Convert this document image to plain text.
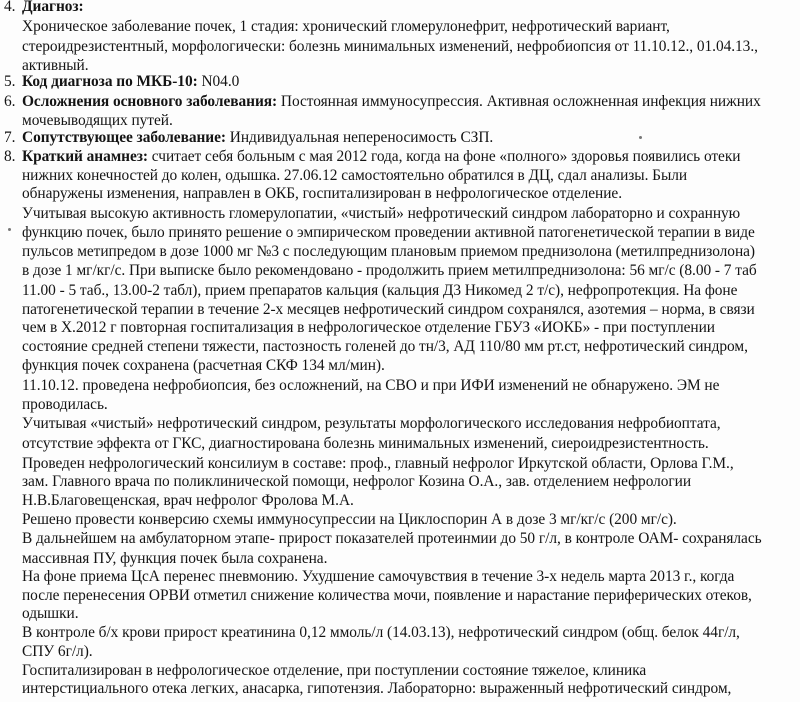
4. Диагноз:
Хроническое заболевание почек, 1 стадия: хронический гломерулонефрит, нефротический вариант,
стероидрезистентный, морфологически: болезнь минимальных изменений, нефробиопсия от 11.10.12., 01.04.13.,
активный.
5. Код диагноза по МКБ-10: N04.0
6. Осложнения основного заболевания: Постоянная иммуносупрессия. Активная осложненная инфекция нижних
мочевыводящих путей.
7. Сопутствующее заболевание: Индивидуальная непереносимость СЗП.
8. Краткий анамнез: считает себя больным с мая 2012 года, когда на фоне «полного» здоровья появились отеки
нижних конечностей до колен, одышка. 27.06.12 самостоятельно обратился в ДЦ, сдал анализы. Были
обнаружены изменения, направлен в ОКБ, госпитализирован в нефрологическое отделение.
Учитывая высокую активность гломерулопатии, «чистый» нефротический синдром лабораторно и сохранную
функцию почек, было принято решение о эмпирическом проведении активной патогенетической терапии в виде
пульсов метипредом в дозе 1000 мг №3 с последующим плановым приемом преднизолона (метилпреднизолона)
в дозе 1 мг/кг/с. При выписке было рекомендовано - продолжить прием метилпреднизолона: 56 мг/с (8.00 - 7 таб
11.00 - 5 таб., 13.00-2 табл), прием препаратов кальция (кальция Д3 Никомед 2 т/с), нефропротекция. На фоне
патогенетической терапии в течение 2-х месяцев нефротический синдром сохранялся, азотемия – норма, в связи
чем в Х.2012 г повторная госпитализация в нефрологическое отделение ГБУЗ «ИОКБ» - при поступлении
состояние средней степени тяжести, пастозность голеней до тн/3, АД 110/80 мм рт.ст, нефротический синдром,
функция почек сохранена (расчетная СКФ 134 мл/мин).
11.10.12. проведена нефробиопсия, без осложнений, на СВО и при ИФИ изменений не обнаружено. ЭМ не
проводилась.
Учитывая «чистый» нефротический синдром, результаты морфологического исследования нефробиоптата,
отсутствие эффекта от ГКС, диагностирована болезнь минимальных изменений, сиероидрезистентность.
Проведен нефрологический консилиум в составе: проф., главный нефролог Иркутской области, Орлова Г.М.,
зам. Главного врача по поликлинической помощи, нефролог Козина О.А., зав. отделением нефрологии
Н.В.Благовещенская, врач нефролог Фролова М.А.
Решено провести конверсию схемы иммуносупрессии на Циклоспорин А в дозе 3 мг/кг/с (200 мг/с).
В дальнейшем на амбулаторном этапе- прирост показателей протеинмии до 50 г/л, в контроле ОАМ- сохранялась
массивная ПУ, функция почек была сохранена.
На фоне приема ЦсА перенес пневмонию. Ухудшение самочувствия в течение 3-х недель марта 2013 г., когда
после перенесения ОРВИ отметил снижение количества мочи, появление и нарастание периферических отеков,
одышки.
В контроле б/х крови прирост креатинина 0,12 ммоль/л (14.03.13), нефротический синдром (общ. белок 44г/л,
СПУ 6г/л).
Госпитализирован в нефрологическое отделение, при поступлении состояние тяжелое, клиника
интерстициального отека легких, анасарка, гипотензия. Лабораторно: выраженный нефротический синдром,
